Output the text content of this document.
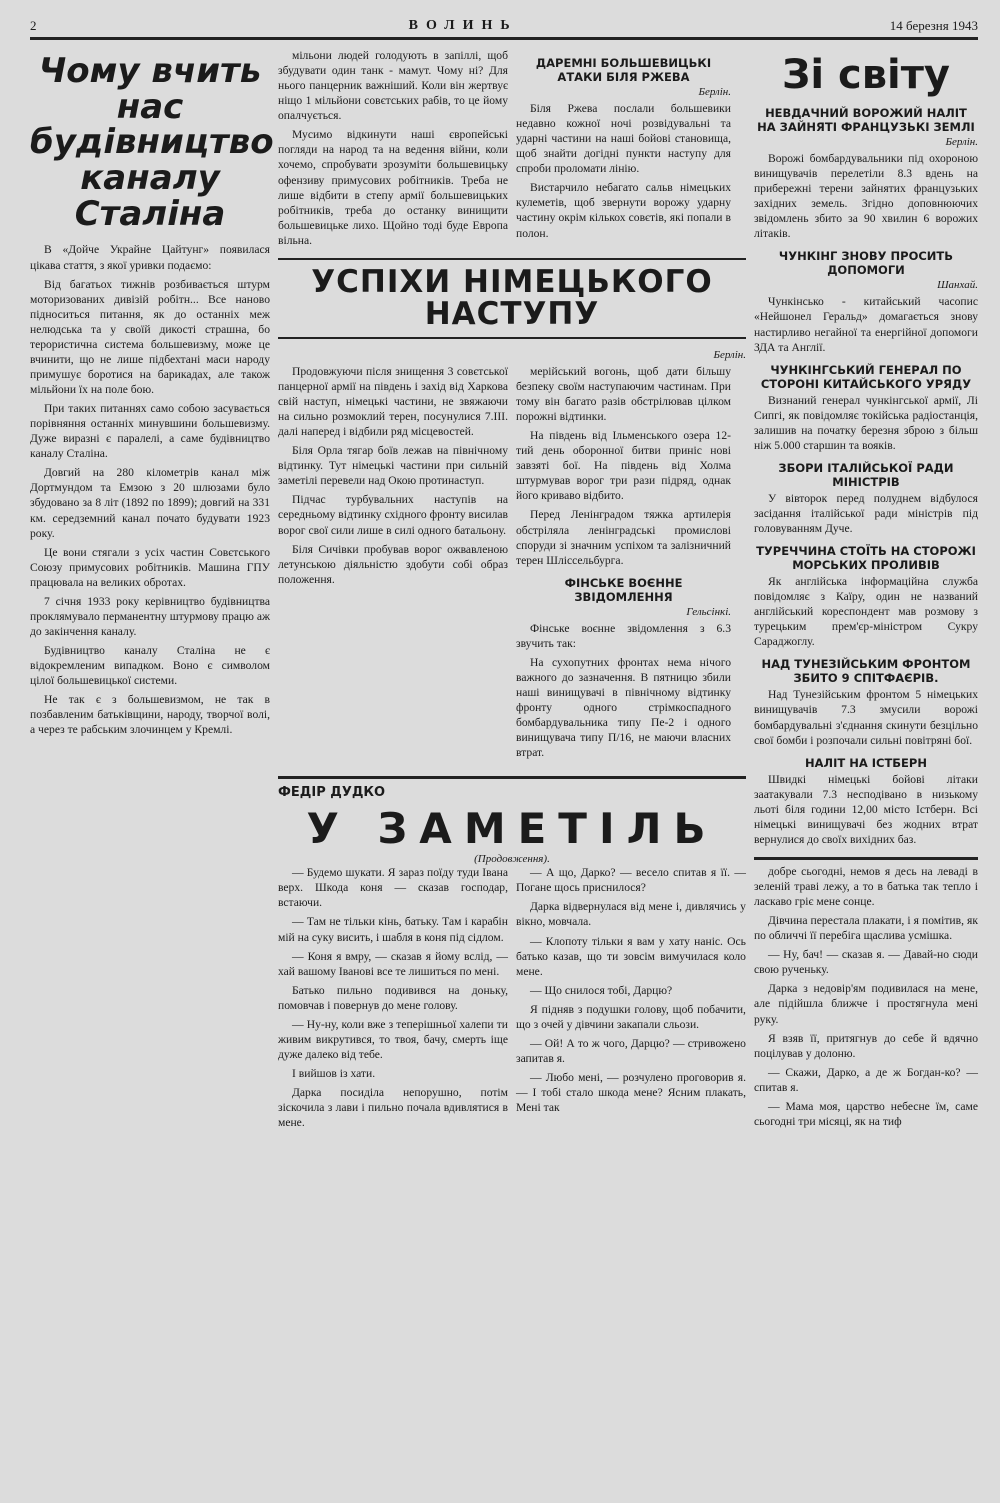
2	ВОЛИНЬ	14 березня 1943
Чому вчить нас будівництво каналу Сталіна

В «Дойче Украйне Цайтунг» появилася цікава стаття, з якої уривки подаємо:

Від багатьох тижнів розбивається штурм моторизованих дивізій робітн... Все наново підноситься питання, як до останніх меж нелюдська та у своїй дикості страшна, бо терористична система большевизму, може це вчинити, що не лише підбехтані маси народу примушує боротися на барикадах, але також мільйони їх на поле бою.

При таких питаннях само собою засувається порівняння останніх минувшини большевизму. Дуже виразні є паралелі, а саме будівництво каналу Сталіна.

Довгий на 280 кілометрів канал між Дортмундом та Емзою з 20 шлюзами було збудовано за 8 літ (1892 по 1899); довгий на 331 км. середземний канал почато будувати 1923 року.

Це вони стягали з усіх частин Совєтського Союзу примусових робітників. Машина ГПУ працювала на великих обротах.

7 січня 1933 року керівництво будівництва проклямувало перманентну штурмову працю аж до закінчення каналу.

Будівництво каналу Сталіна не є відокремленим випадком. Воно є символом цілої большевицької системи.

Не так є з большевизмом, не так в позбавленим батьківщини, народу, творчої волі, а через те рабським злочинцем у Кремлі.

мільони людей голодують в запіллі, щоб збудувати один танк - мамут. Чому ні? Для нього панцерник важніший. Коли він жертвує ніщо 1 мільйони совєтських рабів, то це йому опалчується.

Мусимо відкинути наші європейські погляди на народ та на ведення війни, коли хочемо, спробувати зрозуміти большевицьку офензиву примусових робітників. Треба не лише відбити в степу армії большевицьких робітників, треба до останку винищити большевицьке лихо. Щойно тоді буде Европа вільна.

ДАРЕМНІ БОЛЬШЕВИЦЬКІ АТАКИ БІЛЯ РЖЕВА
Берлін.

Біля Ржева послали большевики недавно кожної ночі розвідувальні та ударні частини на наші бойові становища, щоб знайти догідні пункти наступу для спроби проломати лінію.

Вистарчило небагато сальв німецьких кулеметів, щоб звернути ворожу ударну частину окрім кількох совєтів, які попали в полон.

УСПІХИ НІМЕЦЬКОГО НАСТУПУ
Берлін.

Продовжуючи після знищення 3 совєтської панцерної армії на південь і захід від Харкова свій наступ, німецькі частини, не звяжаючи на сильно розмоклий терен, посунулися 7.III. далі наперед і відбили ряд місцевостей.

Біля Орла тягар боїв лежав на північному відтинку. Тут німецькі частини при сильній заметілі перевели над Окою протинаступ.

Підчас турбувальних наступів на середньому відтинку східного фронту висилав ворог свої сили лише в силі одного батальону.

Біля Сичівки пробував ворог ожвавленою летунською діяльністю здобути собі образ положення.

мерійський вогонь, щоб дати більшу безпеку своїм наступаючим частинам. При тому він багато разів обстрілював цілком порожні відтинки.

На південь від Ільменського озера 12-тий день оборонної битви приніс нові завзяті бої. На південь від Холма штурмував ворог три рази підряд, однак його кривавo відбито.

Перед Ленінградом тяжка артилерія обстріляла ленінградські промислові споруди зі значним успіхом та залізничний терен Шліссельбурга.

ФІНСЬКЕ ВОЄННЕ ЗВІДОМЛЕННЯ
Гельсінкі.

Фінське воєнне звідомлення з 6.3 звучить так:

На сухопутних фронтах нема нічого важного до зазначення. В пятницю збили наші винищувачі в північному відтинку фронту одного стрімкоспадного бомбардувальника типу Пе-2 і одного винищувача типу П/16, не маючи власних втрат.

ФЕДІР ДУДКО
У ЗАМЕТІЛЬ
(Продовження).

— Будемо шукати. Я зараз поїду туди Івана верх. Шкода коня — сказав господар, встаючи.

— Там не тільки кінь, батьку. Там і карабін мій на суку висить, і шабля в коня під сідлом.

— Коня я вмру, — сказав я йому вслід, — хай вашому Іванові все те лишиться по мені.

Батько пильно подивився на доньку, помовчав і повернув до мене голову.

— Ну-ну, коли вже з теперішньої халепи ти живим викрутився, то твоя, бачу, смерть іще дуже далеко від тебе.

І вийшов із хати.

Дарка посиділа непорушно, потім зіскочила з лави і пильно почала вдивлятися в мене.

— А що, Дарко? — весело спитав я її. — Погане щось приснилося?

Дарка відвернулася від мене і, дивлячись у вікно, мовчала.

— Клопоту тільки я вам у хату наніс. Ось батько казав, що ти зовсім вимучилася коло мене.

— Що снилося тобі, Дарцю?

Я підняв з подушки голову, щоб побачити, що з очей у дівчини закапали сльози.

— Ой! А то ж чого, Дарцю? — стривожено запитав я.

— Любо мені, — розчулено проговорив я. — І тобі стало шкода мене? Ясним плакать, Мені так

Зі світу
НЕВДАЧНИЙ ВОРОЖИЙ НАЛІТ НА ЗАЙНЯТІ ФРАНЦУЗЬКІ ЗЕМЛІ
Берлін.

Ворожі бомбардувальники під охороною винищувачів перелетіли 8.3 вдень на прибережні терени зайнятих французьких західних земель. Згідно доповнюючих звідомлень збито за 90 хвилин 6 ворожих літаків.

ЧУНКІНГ ЗНОВУ ПРОСИТЬ ДОПОМОГИ
Шанхай.

Чункінсько - китайський часопис «Нейшонел Геральд» домагається знову настирливо негайної та енергійної допомоги ЗДА та Англії.

ЧУНКІНГСЬКИЙ ГЕНЕРАЛ ПО СТОРОНІ КИТАЙСЬКОГО УРЯДУ

Визнаний генерал чункінгської армії, Лі Сипгі, як повідомляє токійська радіостанція, залишив на початку березня зброю з більш ніж 5.000 старшин та вояків.

ЗБОРИ ІТАЛІЙСЬКОЇ РАДИ МІНІСТРІВ

У вівторок перед полуднем відбулося засідання італійської ради міністрів під головуванням Дуче.

ТУРЕЧЧИНА СТОЇТЬ НА СТОРОЖІ МОРСЬКИХ ПРОЛИВІВ

Як англійська інформаційна служба повідомляє з Каїру, один не названий англійський кореспондент мав розмову з турецьким прем'єр-міністром Сукру Сараджоглу.

НАД ТУНЕЗІЙСЬКИМ ФРОНТОМ ЗБИТО 9 СПІТФАЄРІВ.

Над Тунезійським фронтом 5 німецьких винищувачів 7.3 змусили ворожі бомбардувальні з'єднання скинути безцільно свої бомби і розпочали сильні повітряні бої.

НАЛІТ НА ІСТБЕРН

Швидкі німецькі бойові літаки заатакували 7.3 несподівано в низькому льоті біля години 12,00 місто Істберн. Всі німецькі винищувачі без жодних втрат вернулися до своїх вихідних баз.

добре сьогодні, немов я десь на леваді в зеленій траві лежу, а то в батька так тепло і ласкаво гріє мене сонце.

Дівчина перестала плакати, і я помітив, як по обличчі її перебіга щаслива усмішка.

— Ну, бач! — сказав я. — Давай-но сюди свою рученьку.

Дарка з недовір'ям подивилася на мене, але підійшла ближче і простягнула мені руку.

Я взяв її, притягнув до себе й вдячно поцілував у долоню.

— Скажи, Дарко, а де ж Богдан-ко? — спитав я.

— Мама моя, царство небесне їм, саме сьогодні три місяці, як на тиф
